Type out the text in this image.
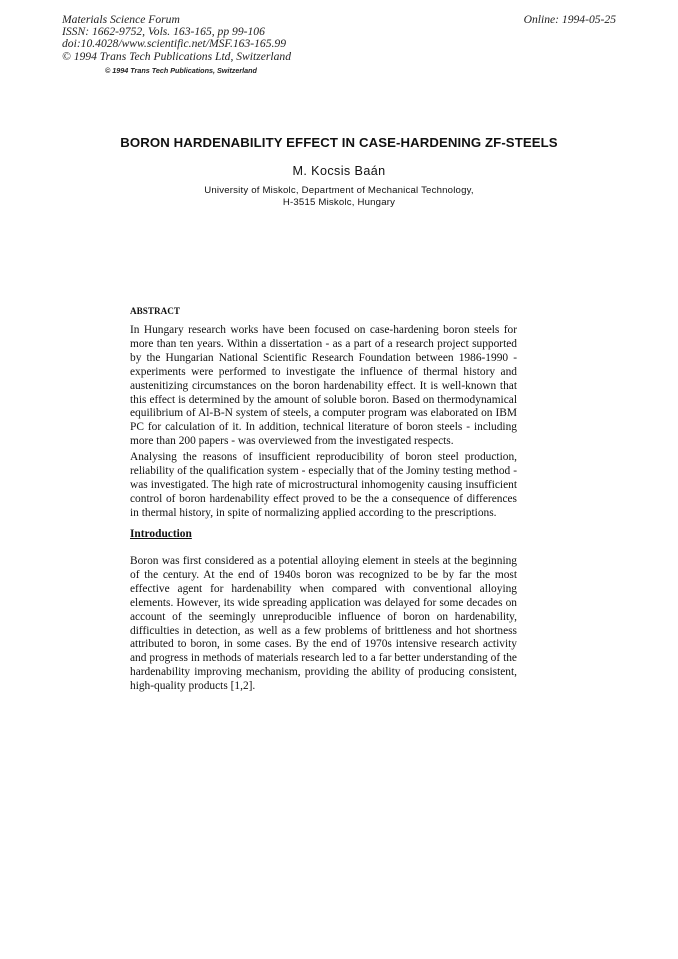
Materials Science Forum
ISSN: 1662-9752, Vols. 163-165, pp 99-106
doi:10.4028/www.scientific.net/MSF.163-165.99
© 1994 Trans Tech Publications Ltd, Switzerland
Online: 1994-05-25
© 1994 Trans Tech Publications, Switzerland
BORON HARDENABILITY EFFECT IN CASE-HARDENING ZF-STEELS
M. Kocsis Baán
University of Miskolc, Department of Mechanical Technology,
H-3515 Miskolc, Hungary
ABSTRACT
In Hungary research works have been focused on case-hardening boron steels for more than ten years. Within a dissertation - as a part of a research project supported by the Hungarian National Scientific Research Foundation between 1986-1990 - experiments were performed to investigate the influence of thermal history and austenitizing circumstances on the boron hardenability effect. It is well-known that this effect is determined by the amount of soluble boron. Based on thermodynamical equilibrium of Al-B-N system of steels, a computer program was elaborated on IBM PC for calculation of it. In addition, technical literature of boron steels - including more than 200 papers - was overviewed from the investigated respects.
Analysing the reasons of insufficient reproducibility of boron steel production, reliability of the qualification system - especially that of the Jominy testing method - was investigated. The high rate of microstructural inhomogenity causing insufficient control of boron hardenability effect proved to be the a consequence of differences in thermal history, in spite of normalizing applied according to the prescriptions.
Introduction
Boron was first considered as a potential alloying element in steels at the beginning of the century. At the end of 1940s boron was recognized to be by far the most effective agent for hardenability when compared with conventional alloying elements. However, its wide spreading application was delayed for some decades on account of the seemingly unreproducible influence of boron on hardenability, difficulties in detection, as well as a few problems of brittleness and hot shortness attributed to boron, in some cases. By the end of 1970s intensive research activity and progress in methods of materials research led to a far better understanding of the hardenability improving mechanism, providing the ability of producing consistent, high-quality products [1,2].
